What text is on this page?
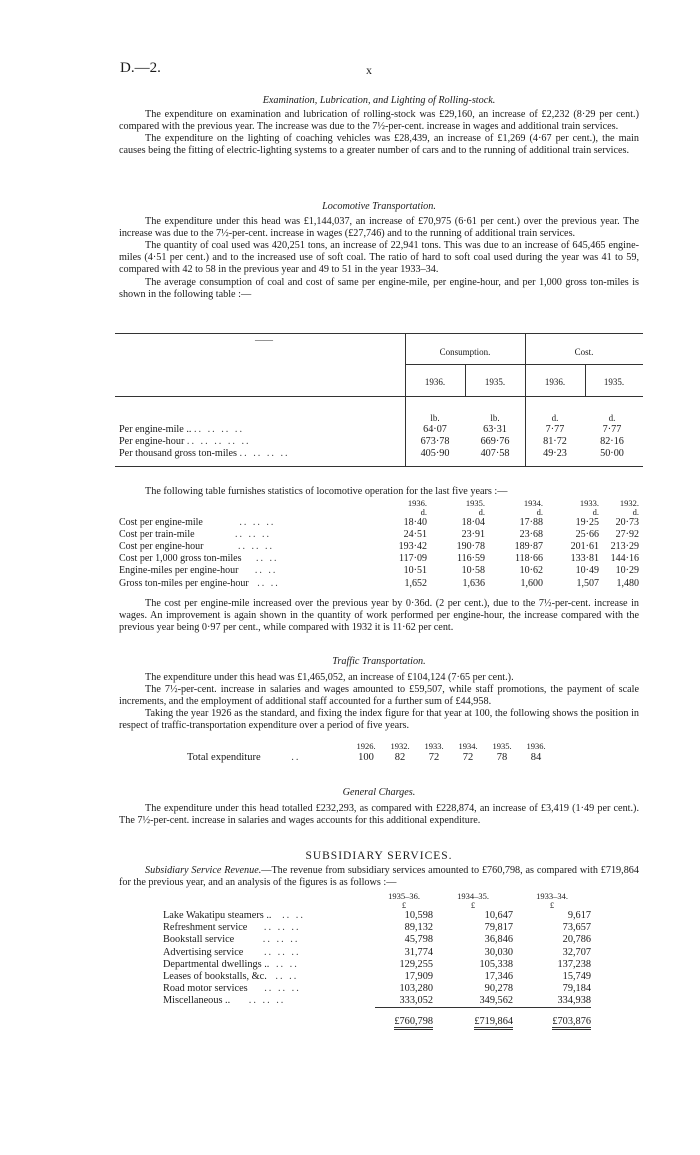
D.—2.	x
Examination, Lubrication, and Lighting of Rolling-stock.

The expenditure on examination and lubrication of rolling-stock was £29,160, an increase of £2,232 (8·29 per cent.) compared with the previous year. The increase was due to the 7½-per-cent. increase in wages and additional train services.

The expenditure on the lighting of coaching vehicles was £28,439, an increase of £1,269 (4·67 per cent.), the main causes being the fitting of electric-lighting systems to a greater number of cars and to the running of additional train services.

Locomotive Transportation.

The expenditure under this head was £1,144,037, an increase of £70,975 (6·61 per cent.) over the previous year. The increase was due to the 7½-per-cent. increase in wages (£27,746) and to the running of additional train services.

The quantity of coal used was 420,251 tons, an increase of 22,941 tons. This was due to an increase of 645,465 engine-miles (4·51 per cent.) and to the increased use of soft coal. The ratio of hard to soft coal used during the year was 41 to 59, compared with 42 to 58 in the previous year and 49 to 51 in the year 1933–34.

The average consumption of coal and cost of same per engine-mile, per engine-hour, and per 1,000 gross ton-miles is shown in the following table :—

——
Consumption.	Cost.
1936.	1935.	1936.	1935.
	lb.	lb.	d.	d.
Per engine-mile .. .. .. .. ..	64·07	63·31	7·77	7·77
Per engine-hour .. .. .. .. ..	673·78	669·76	81·72	82·16
Per thousand gross ton-miles .. .. .. ..	405·90	407·58	49·23	50·00

The following table furnishes statistics of locomotive operation for the last five years :—

	1936.	1935.	1934.	1933.	1932.
	d.	d.	d.	d.	d.
Cost per engine-mile .. .. ..	18·40	18·04	17·88	19·25	20·73
Cost per train-mile .. .. ..	24·51	23·91	23·68	25·66	27·92
Cost per engine-hour .. .. ..	193·42	190·78	189·87	201·61	213·29
Cost per 1,000 gross ton-miles .. ..	117·09	116·59	118·66	133·81	144·16
Engine-miles per engine-hour .. ..	10·51	10·58	10·62	10·49	10·29
Gross ton-miles per engine-hour .. ..	1,652	1,636	1,600	1,507	1,480

The cost per engine-mile increased over the previous year by 0·36d. (2 per cent.), due to the 7½-per-cent. increase in wages. An improvement is again shown in the quantity of work performed per engine-hour, the increase compared with the previous year being 0·97 per cent., while compared with 1932 it is 11·62 per cent.

Traffic Transportation.

The expenditure under this head was £1,465,052, an increase of £104,124 (7·65 per cent.).

The 7½-per-cent. increase in salaries and wages amounted to £59,507, while staff promotions, the payment of scale increments, and the employment of additional staff accounted for a further sum of £44,958.

Taking the year 1926 as the standard, and fixing the index figure for that year at 100, the following shows the position in respect of traffic-transportation expenditure over a period of five years.

	1926.	1932.	1933.	1934.	1935.	1936.
Total expenditure ..	100	82	72	72	78	84
General Charges.

The expenditure under this head totalled £232,293, as compared with £228,874, an increase of £3,419 (1·49 per cent.). The 7½-per-cent. increase in salaries and wages accounts for this additional expenditure.

SUBSIDIARY SERVICES.

Subsidiary Service Revenue.—The revenue from subsidiary services amounted to £760,798, as compared with £719,864 for the previous year, and an analysis of the figures is as follows :—

	1935–36.	1934–35.	1933–34.
	£	£	£
Lake Wakatipu steamers .. .. ..	10,598	10,647	9,617
Refreshment service .. .. ..	89,132	79,817	73,657
Bookstall service .. .. ..	45,798	36,846	20,786
Advertising service .. .. ..	31,774	30,030	32,707
Departmental dwellings .. .. ..	129,255	105,338	137,238
Leases of bookstalls, &c. .. ..	17,909	17,346	15,749
Road motor services .. .. ..	103,280	90,278	79,184
Miscellaneous .. .. .. ..	333,052	349,562	334,938

	£760,798	£719,864	£703,876
